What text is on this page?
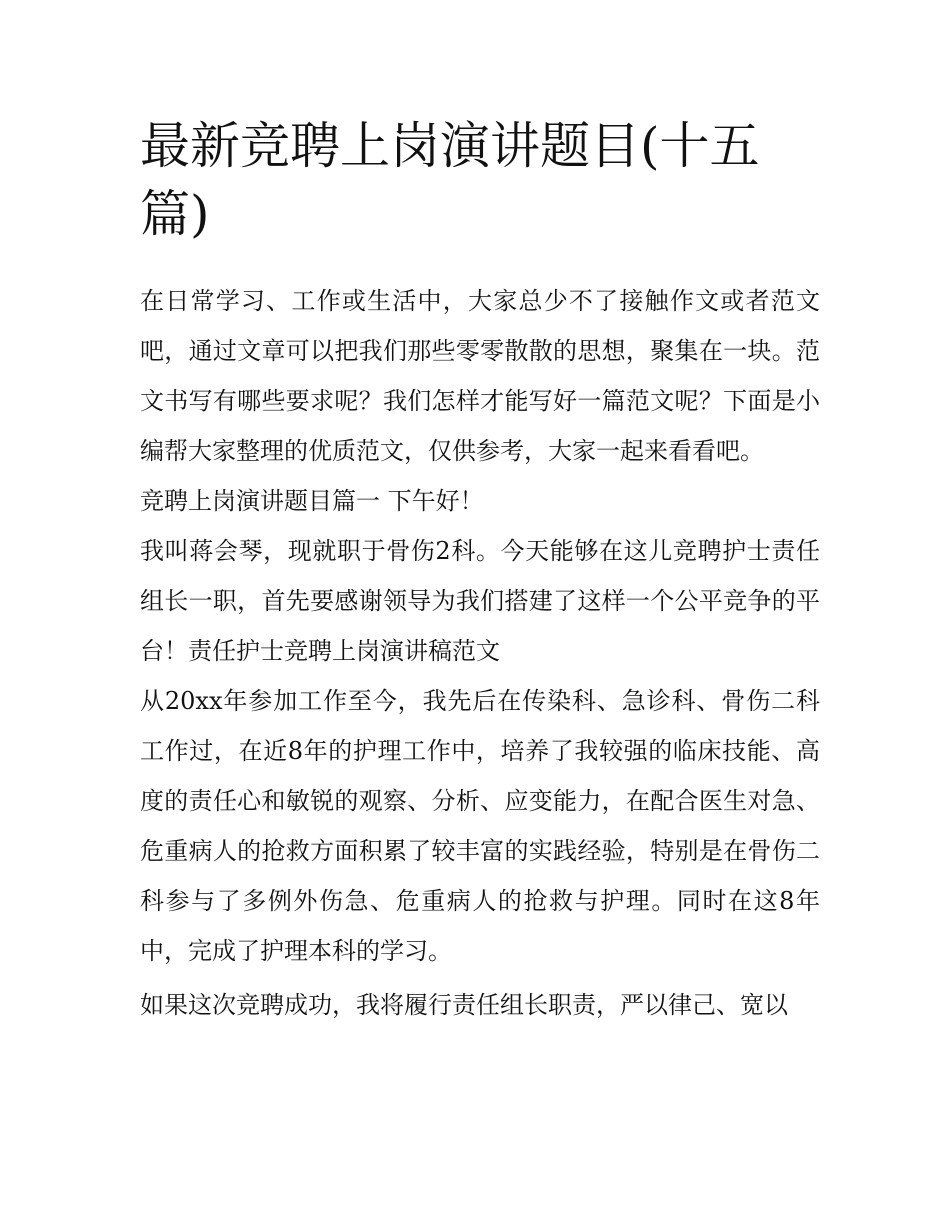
最新竞聘上岗演讲题目(十五篇)

在日常学习、工作或生活中，大家总少不了接触作文或者范文吧，通过文章可以把我们那些零零散散的思想，聚集在一块。范文书写有哪些要求呢？我们怎样才能写好一篇范文呢？下面是小编帮大家整理的优质范文，仅供参考，大家一起来看看吧。

竞聘上岗演讲题目篇一 下午好！

我叫蒋会琴，现就职于骨伤2科。今天能够在这儿竞聘护士责任组长一职，首先要感谢领导为我们搭建了这样一个公平竞争的平台！责任护士竞聘上岗演讲稿范文

从20xx年参加工作至今，我先后在传染科、急诊科、骨伤二科工作过，在近8年的护理工作中，培养了我较强的临床技能、高度的责任心和敏锐的观察、分析、应变能力，在配合医生对急、危重病人的抢救方面积累了较丰富的实践经验，特别是在骨伤二科参与了多例外伤急、危重病人的抢救与护理。同时在这8年中，完成了护理本科的学习。

如果这次竞聘成功，我将履行责任组长职责，严以律己、宽以
